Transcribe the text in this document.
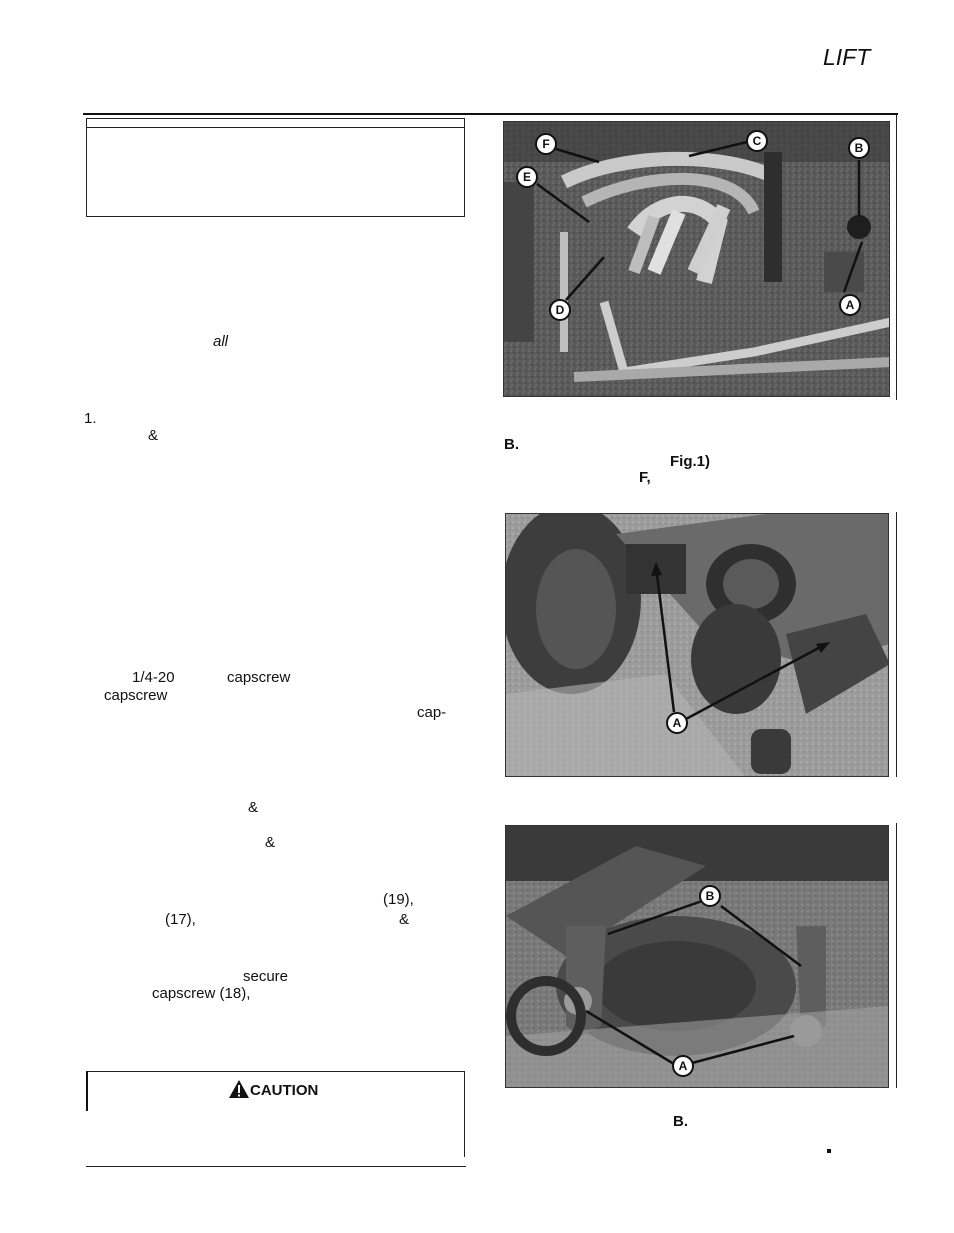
LIFT
all
1.
&
1/4-20	capscrew
capscrew
cap-
&
&
(19),
(17),	&
secure
capscrew (18),
CAUTION
F	C	B
E
D	A
B.
Fig.1)
F,
A
B
A
B.
